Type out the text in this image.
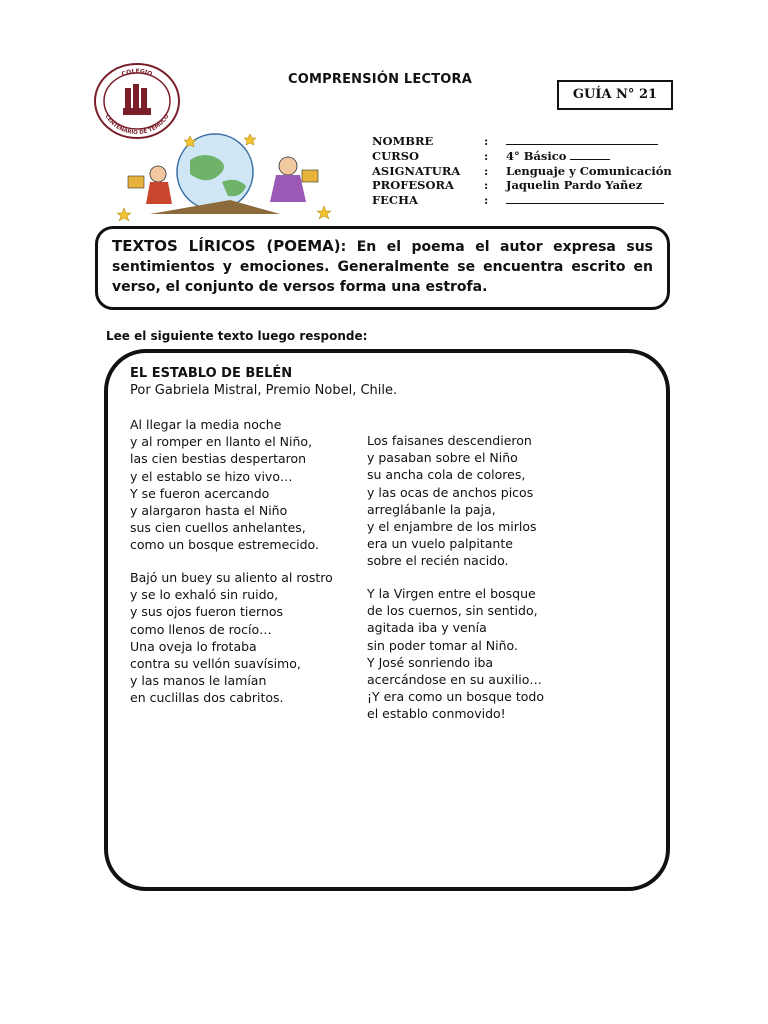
COLEGIO
CENTENARIO DE TEMUCO
COMPRENSIÓN LECTORA
GUÍA N° 21
NOMBRE	:
CURSO	:	4° Básico
ASIGNATURA	:	Lenguaje y Comunicación
PROFESORA	:	Jaquelin Pardo Yañez
FECHA	:
TEXTOS LÍRICOS (POEMA): En el poema el autor expresa sus sentimientos y emociones. Generalmente se encuentra escrito en verso, el conjunto de versos forma una estrofa.
Lee el siguiente texto luego responde:
EL ESTABLO DE BELÉN
Por Gabriela Mistral, Premio Nobel, Chile.
Al llegar la media noche
y al romper en llanto el Niño,
las cien bestias despertaron
y el establo se hizo vivo…
Y se fueron acercando
y alargaron hasta el Niño
sus cien cuellos anhelantes,
como un bosque estremecido.
Bajó un buey su aliento al rostro
y se lo exhaló sin ruido,
y sus ojos fueron tiernos
como llenos de rocío…
Una oveja lo frotaba
contra su vellón suavísimo,
y las manos le lamían
en cuclillas dos cabritos.
Los faisanes descendieron
y pasaban sobre el Niño
su ancha cola de colores,
y las ocas de anchos picos
arreglábanle la paja,
y el enjambre de los mirlos
era un vuelo palpitante
sobre el recién nacido.
Y la Virgen entre el bosque
de los cuernos, sin sentido,
agitada iba y venía
sin poder tomar al Niño.
Y José sonriendo iba
acercándose en su auxilio…
¡Y era como un bosque todo
el establo conmovido!
